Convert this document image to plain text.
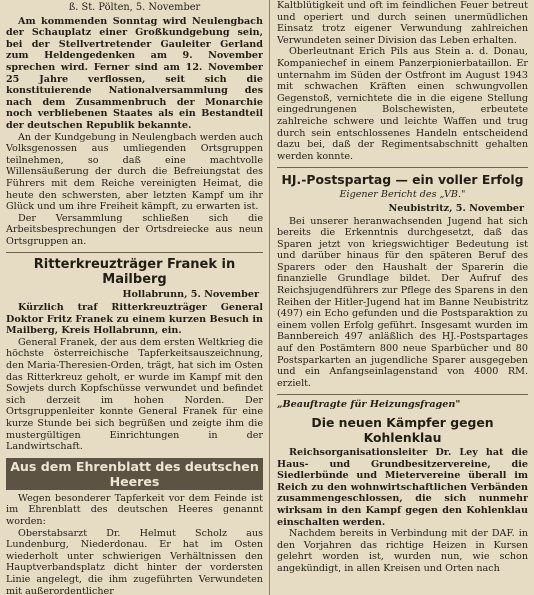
ß. St. Pölten, 5. November

Am kommenden Sonntag wird Neulengbach der Schauplatz einer Großkundgebung sein, bei der Stellvertretender Gauleiter Gerland zum Heldengedenken am 9. November sprechen wird. Ferner sind am 12. November 25 Jahre verflossen, seit sich die konstituierende Nationalversammlung des nach dem Zusammenbruch der Monarchie noch verbliebenen Staates als ein Bestandteil der deutschen Republik bekannte.

An der Kundgebung in Neulengbach werden auch Volksgenossen aus umliegenden Ortsgruppen teilnehmen, so daß eine machtvolle Willensäußerung der durch die Befreiungstat des Führers mit dem Reiche vereinigten Heimat, die heute den schwersten, aber letzten Kampf um ihr Glück und um ihre Freiheit kämpft, zu erwarten ist.

Der Versammlung schließen sich die Arbeitsbesprechungen der Ortsdreiecke aus neun Ortsgruppen an.

Ritterkreuzträger Franek in Mailberg
Hollabrunn, 5. November

Kürzlich traf Ritterkreuzträger General Doktor Fritz Franek zu einem kurzen Besuch in Mailberg, Kreis Hollabrunn, ein.

General Franek, der aus dem ersten Weltkrieg die höchste österreichische Tapferkeitsauszeichnung, den Maria-Theresien-Orden, trägt, hat sich im Osten das Ritterkreuz geholt, er wurde im Kampf mit den Sowjets durch Kopfschüsse verwundet und befindet sich derzeit im hohen Norden. Der Ortsgruppenleiter konnte General Franek für eine kurze Stunde bei sich begrüßen und zeigte ihm die mustergültigen Einrichtungen in der Landwirtschaft.

Aus dem Ehrenblatt des deutschen Heeres

Wegen besonderer Tapferkeit vor dem Feinde ist im Ehrenblatt des deutschen Heeres genannt worden:

Oberstabsarzt Dr. Helmut Scholz aus Lundenburg, Niederdonau. Er hat im Osten wiederholt unter schwierigen Verhältnissen den Hauptverbandsplatz dicht hinter der vordersten Linie angelegt, die ihm zugeführten Verwundeten mit außerordentlicher

Kaltblütigkeit und oft im feindlichen Feuer betreut und operiert und durch seinen unermüdlichen Einsatz trotz eigener Verwundung zahlreichen Verwundeten seiner Division das Leben erhalten.

Oberleutnant Erich Pils aus Stein a. d. Donau, Kompaniechef in einem Panzerpionierbataillon. Er unternahm im Süden der Ostfront im August 1943 mit schwachen Kräften einen schwungvollen Gegenstoß, vernichtete die in die eigene Stellung eingedrungenen Bolschewisten, erbeutete zahlreiche schwere und leichte Waffen und trug durch sein entschlossenes Handeln entscheidend dazu bei, daß der Regimentsabschnitt gehalten werden konnte.

HJ.-Postspartag — ein voller Erfolg
Eigener Bericht des „VB."
Neubistritz, 5. November

Bei unserer heranwachsenden Jugend hat sich bereits die Erkenntnis durchgesetzt, daß das Sparen jetzt von kriegswichtiger Bedeutung ist und darüber hinaus für den späteren Beruf des Sparers oder den Haushalt der Sparerin die finanzielle Grundlage bildet. Der Aufruf des Reichsjugendführers zur Pflege des Sparens in den Reihen der Hitler-Jugend hat im Banne Neubistritz (497) ein Echo gefunden und die Postsparaktion zu einem vollen Erfolg geführt. Insgesamt wurden im Bannbereich 497 anläßlich des HJ.-Postspartages auf den Postämtern 800 neue Sparbücher und 80 Postsparkarten an jugendliche Sparer ausgegeben und ein Anfangseinlagenstand von 4000 RM. erzielt.

„Beauftragte für Heizungsfragen"
Die neuen Kämpfer gegen Kohlenklau

Reichsorganisationsleiter Dr. Ley hat die Haus- und Grundbesitzervereine, die Siedlerbünde und Mietervereine überall im Reich zu den wohnwirtschaftlichen Verbänden zusammengeschlossen, die sich nunmehr wirksam in den Kampf gegen den Kohlenklau einschalten werden.

Nachdem bereits in Verbindung mit der DAF. in den Vorjahren das richtige Heizen in Kursen gelehrt worden ist, wurden nun, wie schon angekündigt, in allen Kreisen und Orten nach
